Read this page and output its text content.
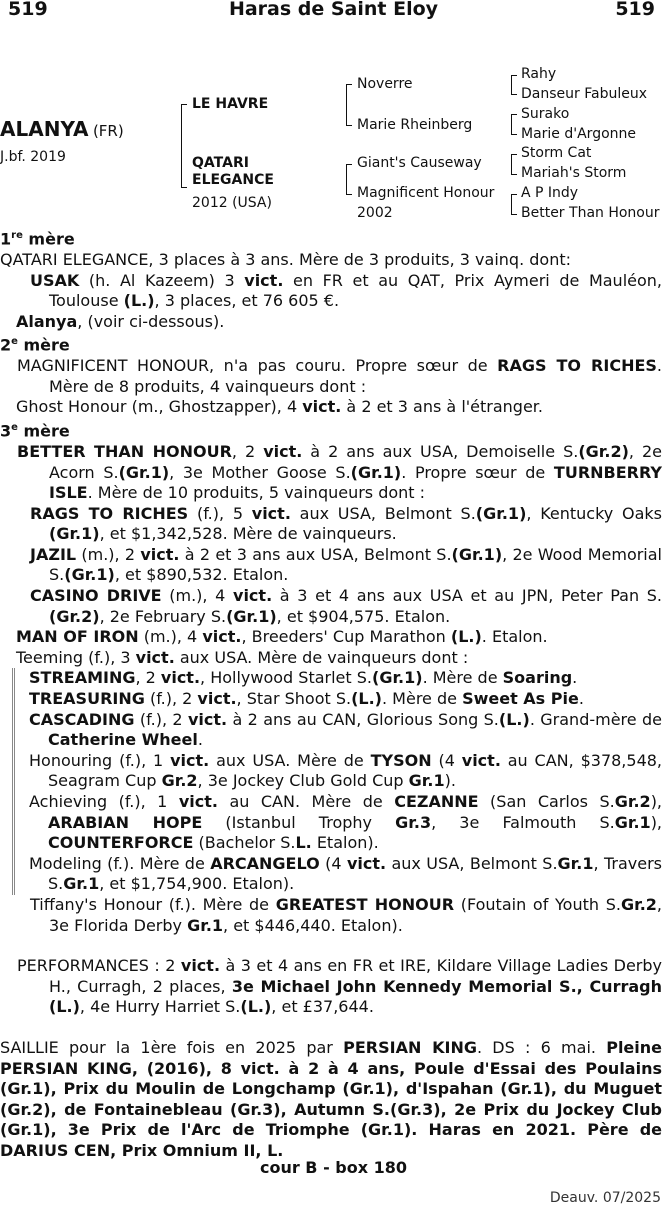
519	Haras de Saint Eloy	519
ALANYA (FR)
J.bf. 2019
LE HAVRE
QATARI ELEGANCE
2012 (USA)
Noverre
Marie Rheinberg
Giant's Causeway
Magnificent Honour
2002
Rahy
Danseur Fabuleux
Surako
Marie d'Argonne
Storm Cat
Mariah's Storm
A P Indy
Better Than Honour

1re mère

QATARI ELEGANCE, 3 places à 3 ans. Mère de 3 produits, 3 vainq. dont:

USAK (h. Al Kazeem) 3 vict. en FR et au QAT, Prix Aymeri de Mauléon, Toulouse (L.), 3 places, et 76 605 €.

Alanya, (voir ci-dessous).

2e mère

MAGNIFICENT HONOUR, n'a pas couru. Propre sœur de RAGS TO RICHES. Mère de 8 produits, 4 vainqueurs dont :

Ghost Honour (m., Ghostzapper), 4 vict. à 2 et 3 ans à l'étranger.

3e mère

BETTER THAN HONOUR, 2 vict. à 2 ans aux USA, Demoiselle S.(Gr.2), 2e Acorn S.(Gr.1), 3e Mother Goose S.(Gr.1). Propre sœur de TURNBERRY ISLE. Mère de 10 produits, 5 vainqueurs dont :

RAGS TO RICHES (f.), 5 vict. aux USA, Belmont S.(Gr.1), Kentucky Oaks (Gr.1), et $1,342,528. Mère de vainqueurs.

JAZIL (m.), 2 vict. à 2 et 3 ans aux USA, Belmont S.(Gr.1), 2e Wood Memorial S.(Gr.1), et $890,532. Etalon.

CASINO DRIVE (m.), 4 vict. à 3 et 4 ans aux USA et au JPN, Peter Pan S.(Gr.2), 2e February S.(Gr.1), et $904,575. Etalon.

MAN OF IRON (m.), 4 vict., Breeders' Cup Marathon (L.). Etalon.

Teeming (f.), 3 vict. aux USA. Mère de vainqueurs dont :

STREAMING, 2 vict., Hollywood Starlet S.(Gr.1). Mère de Soaring.

TREASURING (f.), 2 vict., Star Shoot S.(L.). Mère de Sweet As Pie.

CASCADING (f.), 2 vict. à 2 ans au CAN, Glorious Song S.(L.). Grand-mère de Catherine Wheel.

Honouring (f.), 1 vict. aux USA. Mère de TYSON (4 vict. au CAN, $378,548, Seagram Cup Gr.2, 3e Jockey Club Gold Cup Gr.1).

Achieving (f.), 1 vict. au CAN. Mère de CEZANNE (San Carlos S.Gr.2), ARABIAN HOPE (Istanbul Trophy Gr.3, 3e Falmouth S.Gr.1), COUNTERFORCE (Bachelor S.L. Etalon).

Modeling (f.). Mère de ARCANGELO (4 vict. aux USA, Belmont S.Gr.1, Travers S.Gr.1, et $1,754,900. Etalon).

Tiffany's Honour (f.). Mère de GREATEST HONOUR (Foutain of Youth S.Gr.2, 3e Florida Derby Gr.1, et $446,440. Etalon).

PERFORMANCES : 2 vict. à 3 et 4 ans en FR et IRE, Kildare Village Ladies Derby H., Curragh, 2 places, 3e Michael John Kennedy Memorial S., Curragh (L.), 4e Hurry Harriet S.(L.), et £37,644.

SAILLIE pour la 1ère fois en 2025 par PERSIAN KING. DS : 6 mai. Pleine PERSIAN KING, (2016), 8 vict. à 2 à 4 ans, Poule d'Essai des Poulains (Gr.1), Prix du Moulin de Longchamp (Gr.1), d'Ispahan (Gr.1), du Muguet (Gr.2), de Fontainebleau (Gr.3), Autumn S.(Gr.3), 2e Prix du Jockey Club (Gr.1), 3e Prix de l'Arc de Triomphe (Gr.1). Haras en 2021. Père de DARIUS CEN, Prix Omnium II, L.

cour B - box 180
Deauv. 07/2025
